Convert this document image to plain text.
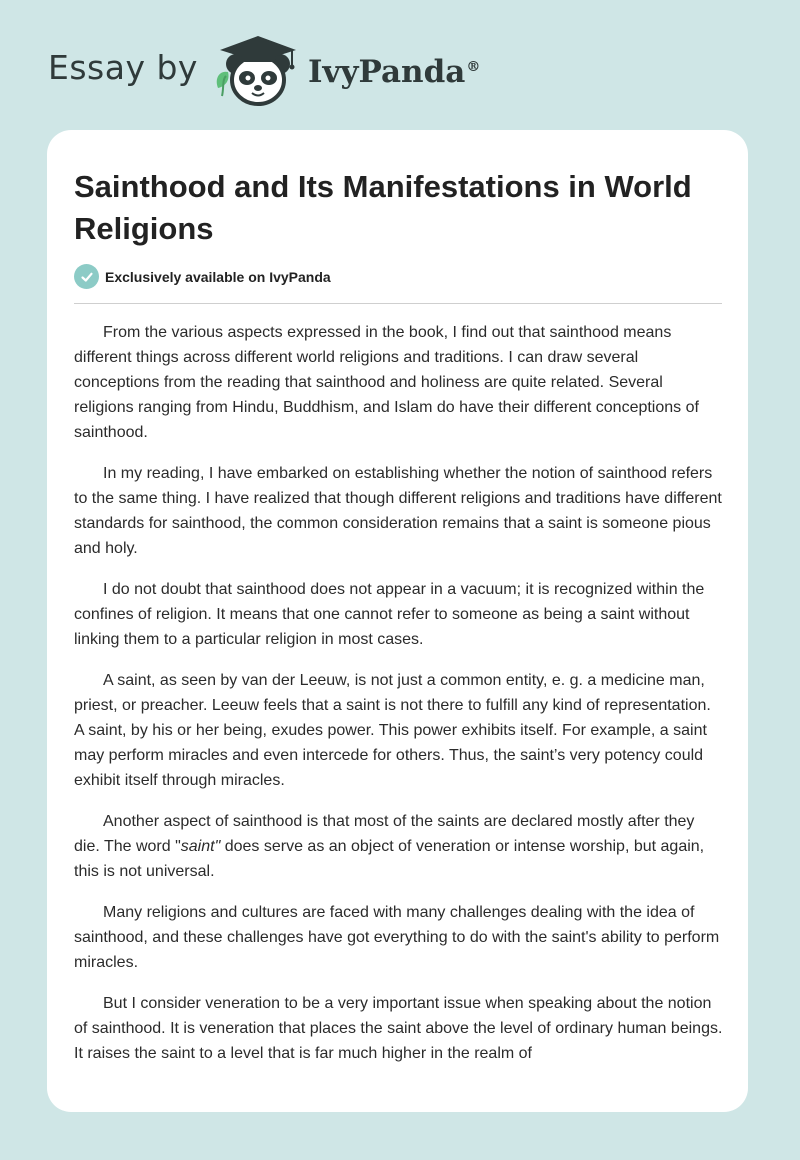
Essay by	IvyPanda®
Sainthood and Its Manifestations in World Religions
Exclusively available on IvyPanda

From the various aspects expressed in the book, I find out that sainthood means different things across different world religions and traditions. I can draw several conceptions from the reading that sainthood and holiness are quite related. Several religions ranging from Hindu, Buddhism, and Islam do have their different conceptions of sainthood.

In my reading, I have embarked on establishing whether the notion of sainthood refers to the same thing. I have realized that though different religions and traditions have different standards for sainthood, the common consideration remains that a saint is someone pious and holy.

I do not doubt that sainthood does not appear in a vacuum; it is recognized within the confines of religion. It means that one cannot refer to someone as being a saint without linking them to a particular religion in most cases.

A saint, as seen by van der Leeuw, is not just a common entity, e. g. a medicine man, priest, or preacher. Leeuw feels that a saint is not there to fulfill any kind of representation. A saint, by his or her being, exudes power. This power exhibits itself. For example, a saint may perform miracles and even intercede for others. Thus, the saint’s very potency could exhibit itself through miracles.

Another aspect of sainthood is that most of the saints are declared mostly after they die. The word "saint" does serve as an object of veneration or intense worship, but again, this is not universal.

Many religions and cultures are faced with many challenges dealing with the idea of sainthood, and these challenges have got everything to do with the saint's ability to perform miracles.

But I consider veneration to be a very important issue when speaking about the notion of sainthood. It is veneration that places the saint above the level of ordinary human beings. It raises the saint to a level that is far much higher in the realm of
